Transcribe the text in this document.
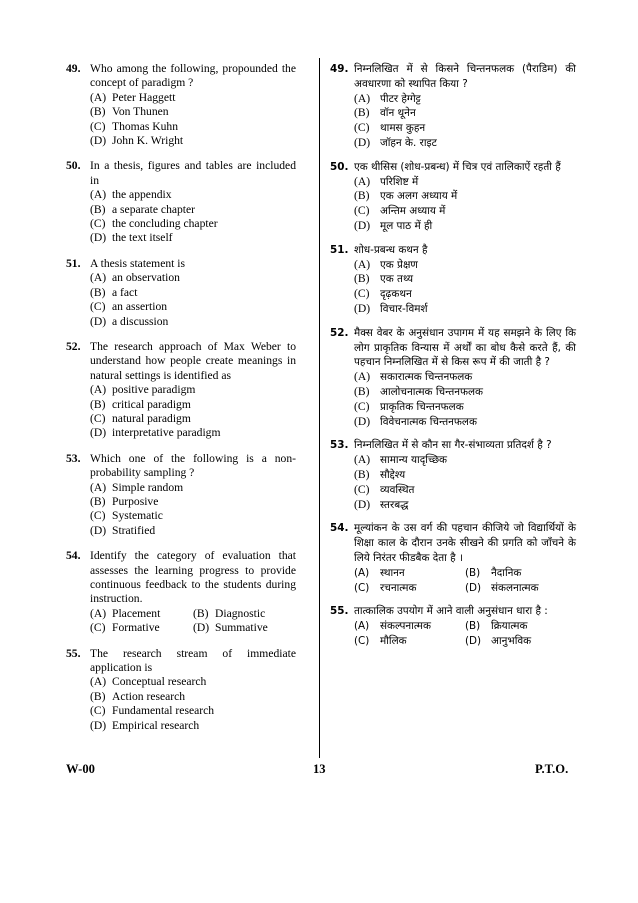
49. Who among the following, propounded the concept of paradigm ?
(A) Peter Haggett
(B) Von Thunen
(C) Thomas Kuhn
(D) John K. Wright
50. In a thesis, figures and tables are included in
(A) the appendix
(B) a separate chapter
(C) the concluding chapter
(D) the text itself
51. A thesis statement is
(A) an observation
(B) a fact
(C) an assertion
(D) a discussion
52. The research approach of Max Weber to understand how people create meanings in natural settings is identified as
(A) positive paradigm
(B) critical paradigm
(C) natural paradigm
(D) interpretative paradigm
53. Which one of the following is a non-probability sampling ?
(A) Simple random
(B) Purposive
(C) Systematic
(D) Stratified
54. Identify the category of evaluation that assesses the learning progress to provide continuous feedback to the students during instruction.
(A) Placement	(B) Diagnostic
(C) Formative	(D) Summative
55. The research stream of immediate application is
(A) Conceptual research
(B) Action research
(C) Fundamental research
(D) Empirical research
49. निम्नलिखित में से किसने चिन्तनफलक (पैराडिम) की अवधारणा को स्थापित किया ?
(A) पीटर हेग्गेट्ट
(B) वॉन थूनेन
(C) थामस कुहन
(D) जॉहन के. राइट
50. एक थीसिस (शोध-प्रबन्ध) में चित्र एवं तालिकाऐं रहती हैं
(A) परिशिष्ट में
(B) एक अलग अध्याय में
(C) अन्तिम अध्याय में
(D) मूल पाठ में ही
51. शोध-प्रबन्ध कथन है
(A) एक प्रेक्षण
(B) एक तथ्य
(C) दृढ़कथन
(D) विचार-विमर्श
52. मैक्स वेबर के अनुसंधान उपागम में यह समझने के लिए कि लोग प्राकृतिक विन्यास में अर्थों का बोध कैसे करते हैं, की पहचान निम्नलिखित में से किस रूप में की जाती है ?
(A) सकारात्मक चिन्तनफलक
(B) आलोचनात्मक चिन्तनफलक
(C) प्राकृतिक चिन्तनफलक
(D) विवेचनात्मक चिन्तनफलक
53. निम्नलिखित में से कौन सा गैर-संभाव्यता प्रतिदर्श है ?
(A) सामान्य यादृच्छिक
(B) सौद्देश्य
(C) व्यवस्थित
(D) स्तरबद्ध
54. मूल्यांकन के उस वर्ग की पहचान कीजिये जो विद्यार्थियों के शिक्षा काल के दौरान उनके सीखने की प्रगति को जाँचने के लिये निरंतर फीडबैक देता है ।
(A) स्थानन	(B) नैदानिक
(C) रचनात्मक	(D) संकलनात्मक
55. तात्कालिक उपयोग में आने वाली अनुसंधान धारा है :
(A) संकल्पनात्मक	(B) क्रियात्मक
(C) मौलिक	(D) आनुभविक
W-00	13	P.T.O.
